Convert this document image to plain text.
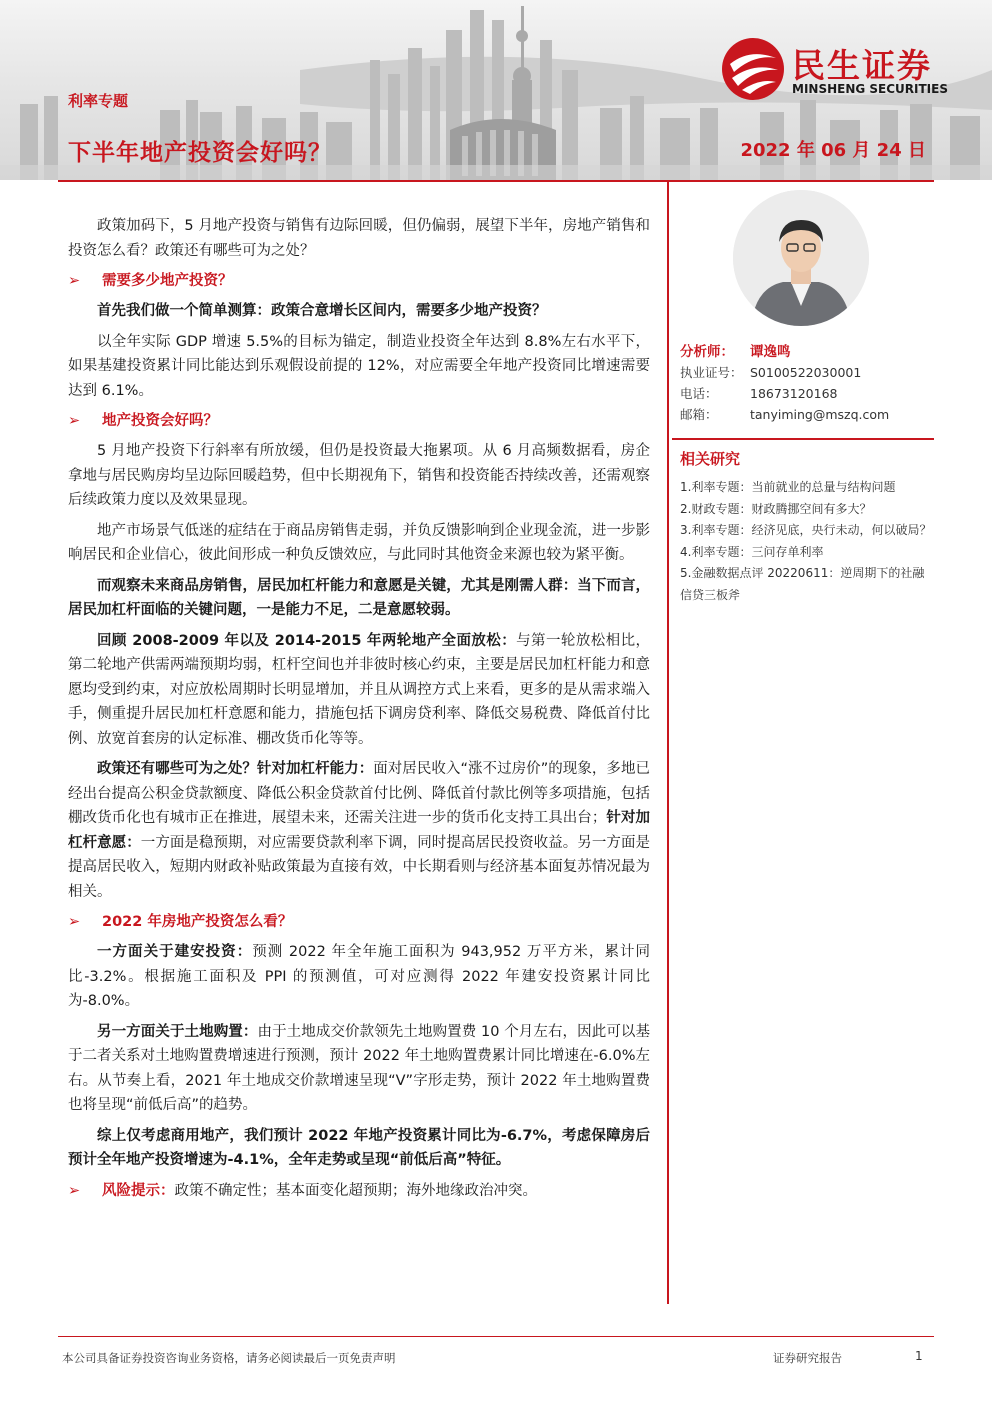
利率专题
下半年地产投资会好吗？	2022 年 06 月 24 日
民生证券
MINSHENG SECURITIES

政策加码下，5 月地产投资与销售有边际回暖，但仍偏弱，展望下半年，房地产销售和投资怎么看？政策还有哪些可为之处？

➢ 需要多少地产投资？

首先我们做一个简单测算：政策合意增长区间内，需要多少地产投资？

以全年实际 GDP 增速 5.5%的目标为锚定，制造业投资全年达到 8.8%左右水平下，如果基建投资累计同比能达到乐观假设前提的 12%，对应需要全年地产投资同比增速需要达到 6.1%。

➢ 地产投资会好吗？

5 月地产投资下行斜率有所放缓，但仍是投资最大拖累项。从 6 月高频数据看，房企拿地与居民购房均呈边际回暖趋势，但中长期视角下，销售和投资能否持续改善，还需观察后续政策力度以及效果显现。

地产市场景气低迷的症结在于商品房销售走弱，并负反馈影响到企业现金流，进一步影响居民和企业信心，彼此间形成一种负反馈效应，与此同时其他资金来源也较为紧平衡。

而观察未来商品房销售，居民加杠杆能力和意愿是关键，尤其是刚需人群：当下而言，居民加杠杆面临的关键问题，一是能力不足，二是意愿较弱。

回顾 2008-2009 年以及 2014-2015 年两轮地产全面放松：与第一轮放松相比，第二轮地产供需两端预期均弱，杠杆空间也并非彼时核心约束，主要是居民加杠杆能力和意愿均受到约束，对应放松周期时长明显增加，并且从调控方式上来看，更多的是从需求端入手，侧重提升居民加杠杆意愿和能力，措施包括下调房贷利率、降低交易税费、降低首付比例、放宽首套房的认定标准、棚改货币化等等。

政策还有哪些可为之处？针对加杠杆能力：面对居民收入“涨不过房价”的现象，多地已经出台提高公积金贷款额度、降低公积金贷款首付比例、降低首付款比例等多项措施，包括棚改货币化也有城市正在推进，展望未来，还需关注进一步的货币化支持工具出台；针对加杠杆意愿：一方面是稳预期，对应需要贷款利率下调，同时提高居民投资收益。另一方面是提高居民收入，短期内财政补贴政策最为直接有效，中长期看则与经济基本面复苏情况最为相关。

➢ 2022 年房地产投资怎么看？

一方面关于建安投资：预测 2022 年全年施工面积为 943,952 万平方米，累计同比-3.2%。根据施工面积及 PPI 的预测值，可对应测得 2022 年建安投资累计同比为-8.0%。

另一方面关于土地购置：由于土地成交价款领先土地购置费 10 个月左右，因此可以基于二者关系对土地购置费增速进行预测，预计 2022 年土地购置费累计同比增速在-6.0%左右。从节奏上看，2021 年土地成交价款增速呈现“V”字形走势，预计 2022 年土地购置费也将呈现“前低后高”的趋势。

综上仅考虑商用地产，我们预计 2022 年地产投资累计同比为-6.7%，考虑保障房后预计全年地产投资增速为-4.1%，全年走势或呈现“前低后高”特征。

➢ 风险提示：政策不确定性；基本面变化超预期；海外地缘政治冲突。
分析师： 谭逸鸣
执业证号： S0100522030001
电话：	18673120168
邮箱：	tanyiming@mszq.com
相关研究
1.利率专题：当前就业的总量与结构问题
2.财政专题：财政腾挪空间有多大？
3.利率专题：经济见底，央行未动，何以破局？
4.利率专题：三问存单利率
5.金融数据点评 20220611：逆周期下的社融信贷三板斧
本公司具备证券投资咨询业务资格，请务必阅读最后一页免责声明	证券研究报告	1
